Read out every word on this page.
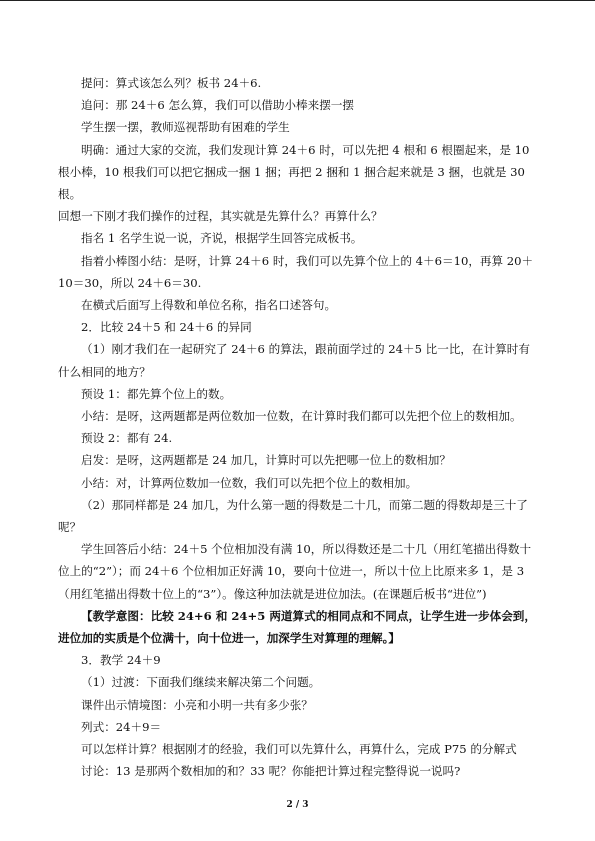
提问：算式该怎么列？板书 24＋6.

追问：那 24＋6 怎么算，我们可以借助小棒来摆一摆

学生摆一摆，教师巡视帮助有困难的学生

明确：通过大家的交流，我们发现计算 24＋6 时，可以先把 4 根和 6 根圈起来，是 10 根小棒，10 根我们可以把它捆成一捆 1 捆；再把 2 捆和 1 捆合起来就是 3 捆，也就是 30 根。

回想一下刚才我们操作的过程，其实就是先算什么？再算什么？

指名 1 名学生说一说，齐说，根据学生回答完成板书。

指着小棒图小结：是呀，计算 24＋6 时，我们可以先算个位上的 4＋6＝10，再算 20＋10＝30，所以 24＋6＝30.

在横式后面写上得数和单位名称，指名口述答句。

2．比较 24＋5 和 24＋6 的异同

（1）刚才我们在一起研究了 24＋6 的算法，跟前面学过的 24＋5 比一比，在计算时有什么相同的地方？

预设 1：都先算个位上的数。

小结：是呀，这两题都是两位数加一位数，在计算时我们都可以先把个位上的数相加。

预设 2：都有 24.

启发：是呀，这两题都是 24 加几，计算时可以先把哪一位上的数相加？

小结：对，计算两位数加一位数，我们可以先把个位上的数相加。

（2）那同样都是 24 加几，为什么第一题的得数是二十几，而第二题的得数却是三十了呢？

学生回答后小结：24＋5 个位相加没有满 10，所以得数还是二十几（用红笔描出得数十位上的“2”）；而 24＋6 个位相加正好满 10，要向十位进一，所以十位上比原来多 1，是 3（用红笔描出得数十位上的“3”）。像这种加法就是进位加法。(在课题后板书“进位”)

【教学意图：比较 24+6 和 24+5 两道算式的相同点和不同点，让学生进一步体会到，进位加的实质是个位满十，向十位进一，加深学生对算理的理解。】

3．教学 24＋9

（1）过渡：下面我们继续来解决第二个问题。

课件出示情境图：小亮和小明一共有多少张？

列式：24＋9＝

可以怎样计算？根据刚才的经验，我们可以先算什么，再算什么，完成 P75 的分解式

讨论：13 是那两个数相加的和？33 呢？你能把计算过程完整得说一说吗?

2 / 3
